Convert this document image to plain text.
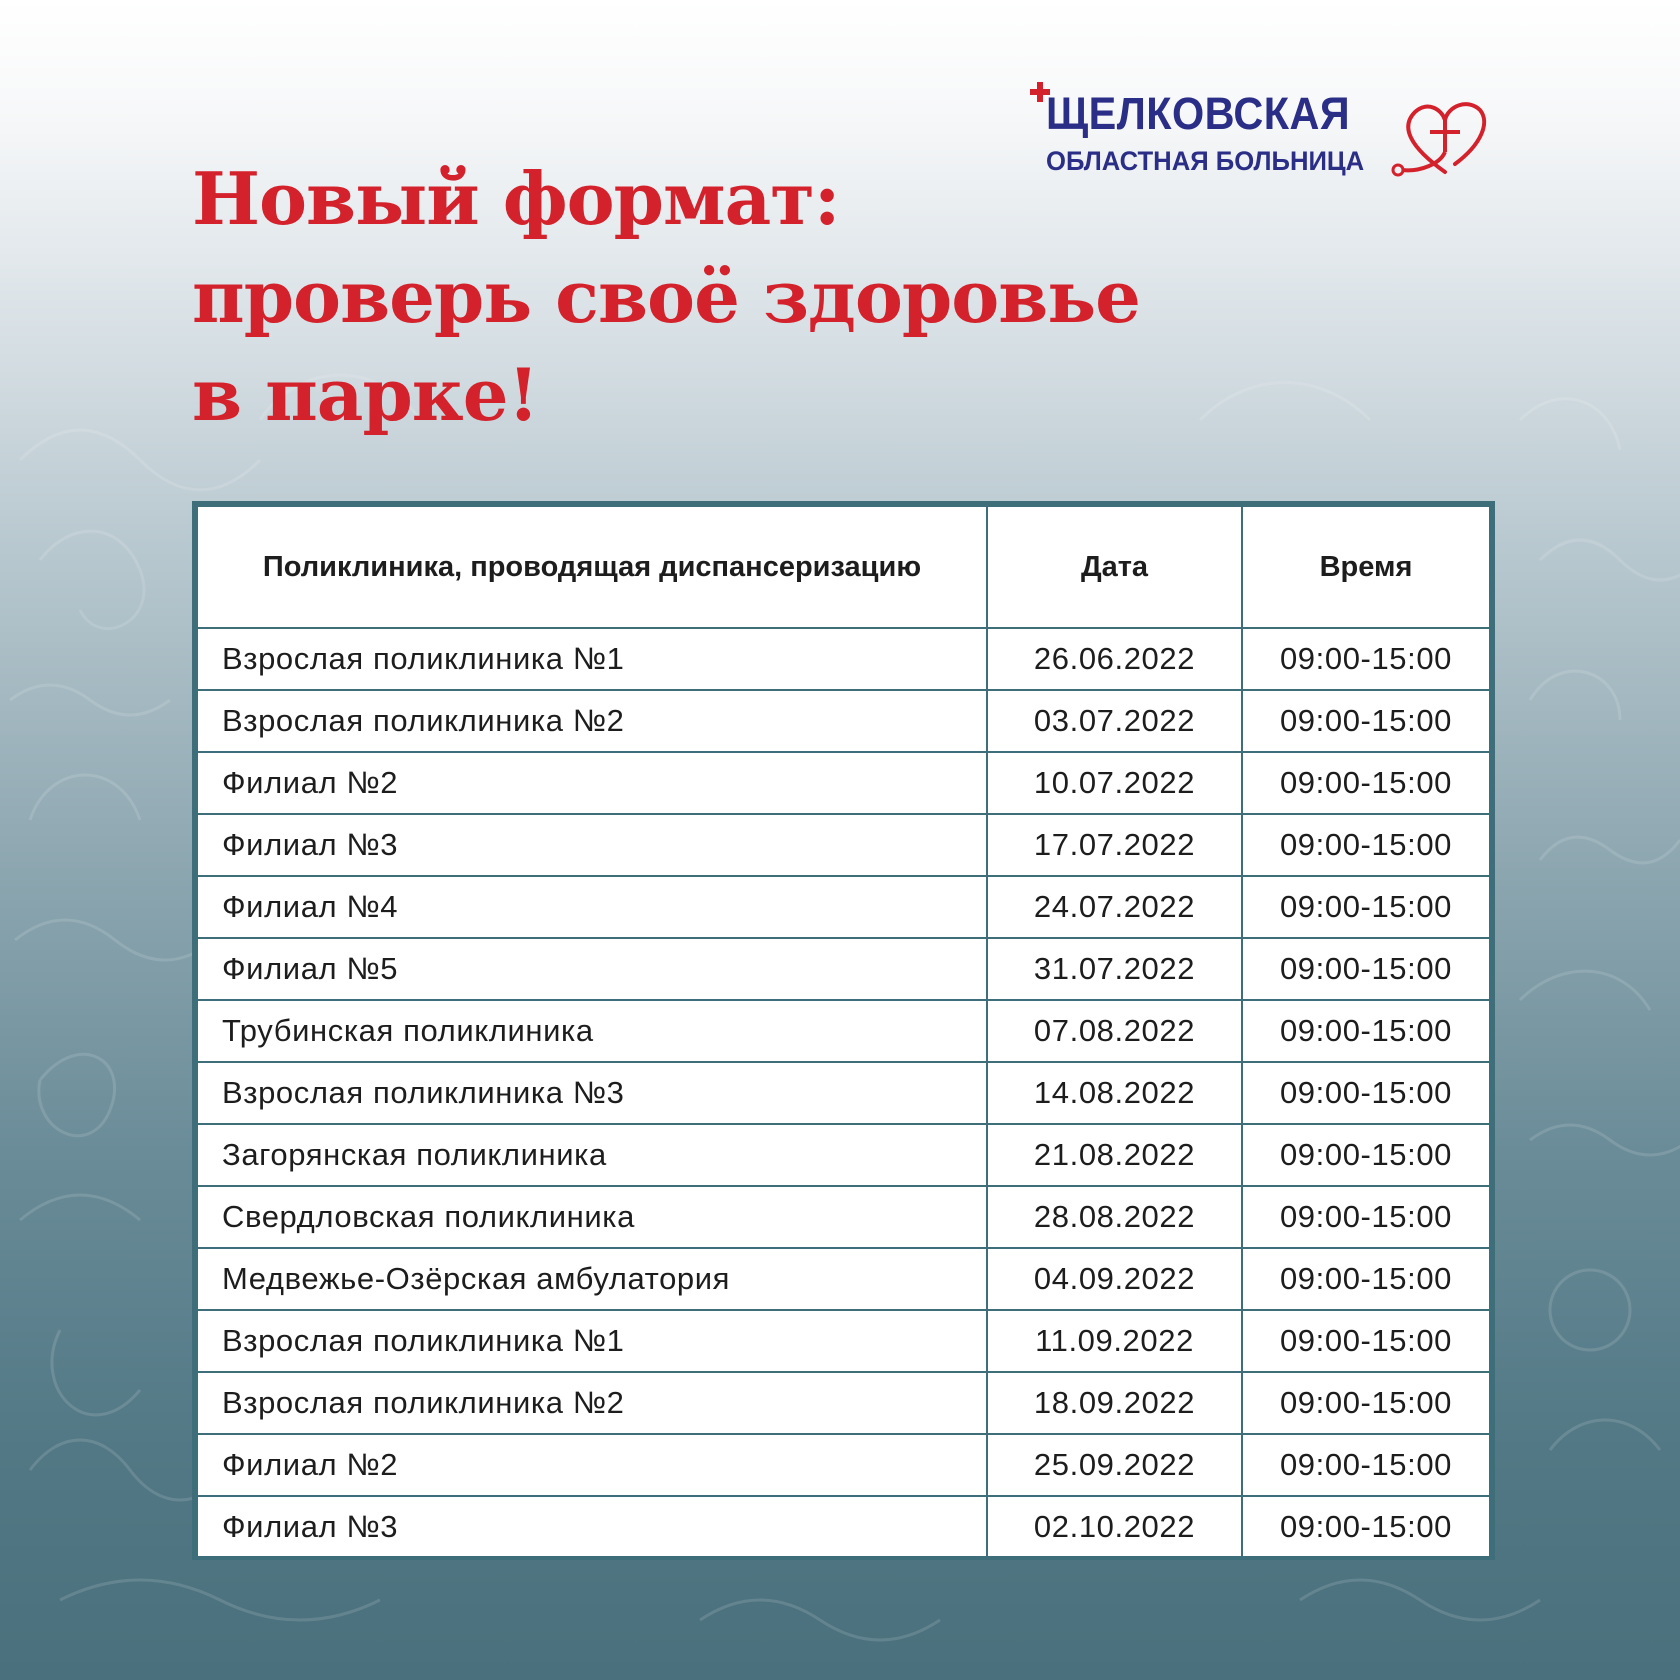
ЩЕЛКОВСКАЯ
ОБЛАСТНАЯ БОЛЬНИЦА
Новый формат:
проверь своё здоровье
в парке!
Поликлиника, проводящая диспансеризацию	Дата	Время
Взрослая поликлиника №1	26.06.2022	09:00-15:00
Взрослая поликлиника №2	03.07.2022	09:00-15:00
Филиал №2	10.07.2022	09:00-15:00
Филиал №3	17.07.2022	09:00-15:00
Филиал №4	24.07.2022	09:00-15:00
Филиал №5	31.07.2022	09:00-15:00
Трубинская поликлиника	07.08.2022	09:00-15:00
Взрослая поликлиника №3	14.08.2022	09:00-15:00
Загорянская поликлиника	21.08.2022	09:00-15:00
Свердловская поликлиника	28.08.2022	09:00-15:00
Медвежье-Озёрская амбулатория	04.09.2022	09:00-15:00
Взрослая поликлиника №1	11.09.2022	09:00-15:00
Взрослая поликлиника №2	18.09.2022	09:00-15:00
Филиал №2	25.09.2022	09:00-15:00
Филиал №3	02.10.2022	09:00-15:00
